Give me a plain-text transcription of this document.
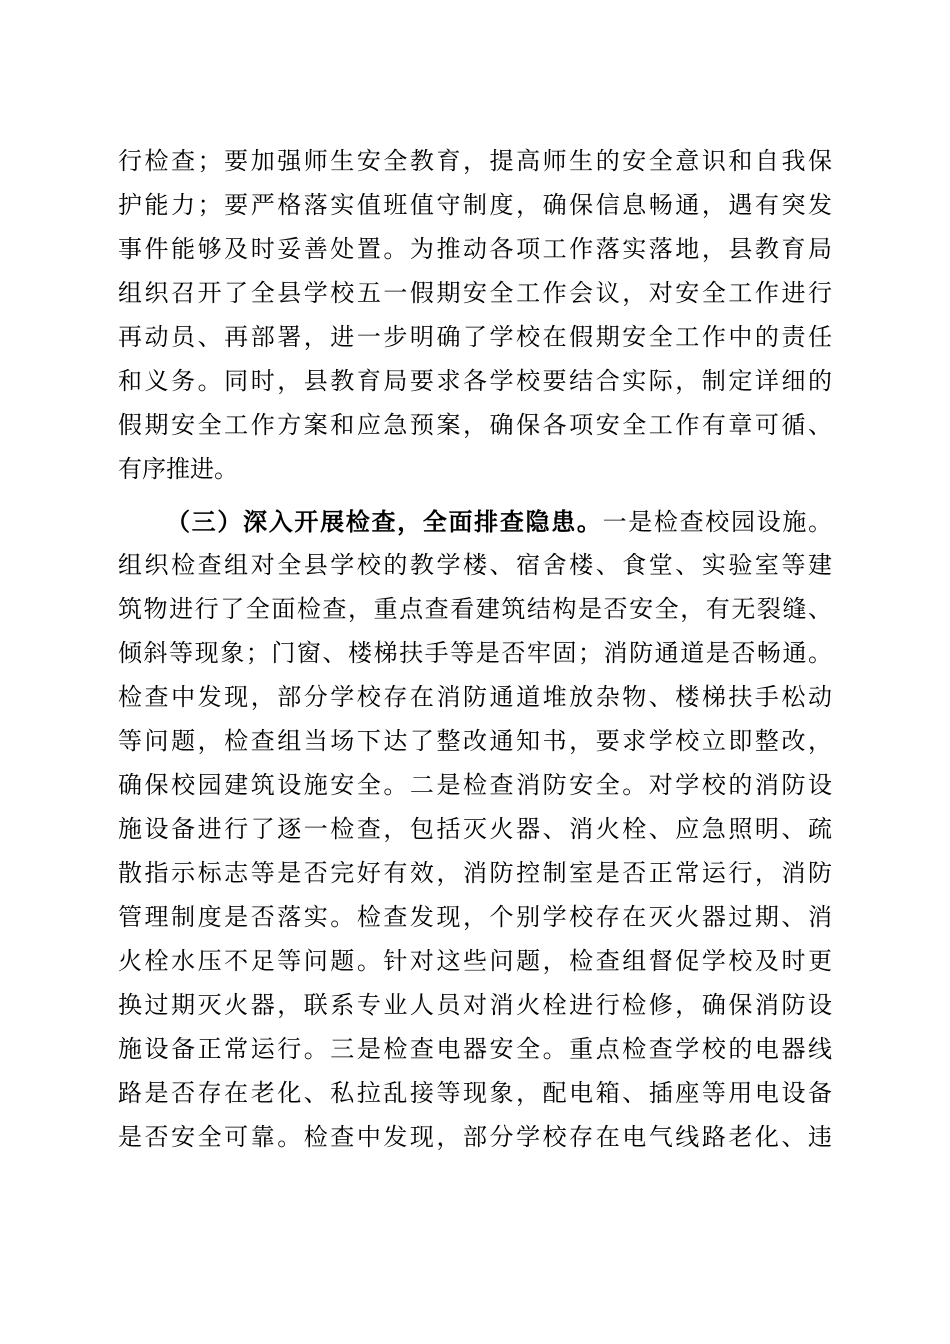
行检查；要加强师生安全教育，提高师生的安全意识和自我保
护能力；要严格落实值班值守制度，确保信息畅通，遇有突发
事件能够及时妥善处置。为推动各项工作落实落地，县教育局
组织召开了全县学校五一假期安全工作会议，对安全工作进行
再动员、再部署，进一步明确了学校在假期安全工作中的责任
和义务。同时，县教育局要求各学校要结合实际，制定详细的
假期安全工作方案和应急预案，确保各项安全工作有章可循、
有序推进。
（三）深入开展检查，全面排查隐患。一是检查校园设施。
组织检查组对全县学校的教学楼、宿舍楼、食堂、实验室等建
筑物进行了全面检查，重点查看建筑结构是否安全，有无裂缝、
倾斜等现象；门窗、楼梯扶手等是否牢固；消防通道是否畅通。
检查中发现，部分学校存在消防通道堆放杂物、楼梯扶手松动
等问题，检查组当场下达了整改通知书，要求学校立即整改，
确保校园建筑设施安全。二是检查消防安全。对学校的消防设
施设备进行了逐一检查，包括灭火器、消火栓、应急照明、疏
散指示标志等是否完好有效，消防控制室是否正常运行，消防
管理制度是否落实。检查发现，个别学校存在灭火器过期、消
火栓水压不足等问题。针对这些问题，检查组督促学校及时更
换过期灭火器，联系专业人员对消火栓进行检修，确保消防设
施设备正常运行。三是检查电器安全。重点检查学校的电器线
路是否存在老化、私拉乱接等现象，配电箱、插座等用电设备
是否安全可靠。检查中发现，部分学校存在电气线路老化、违
